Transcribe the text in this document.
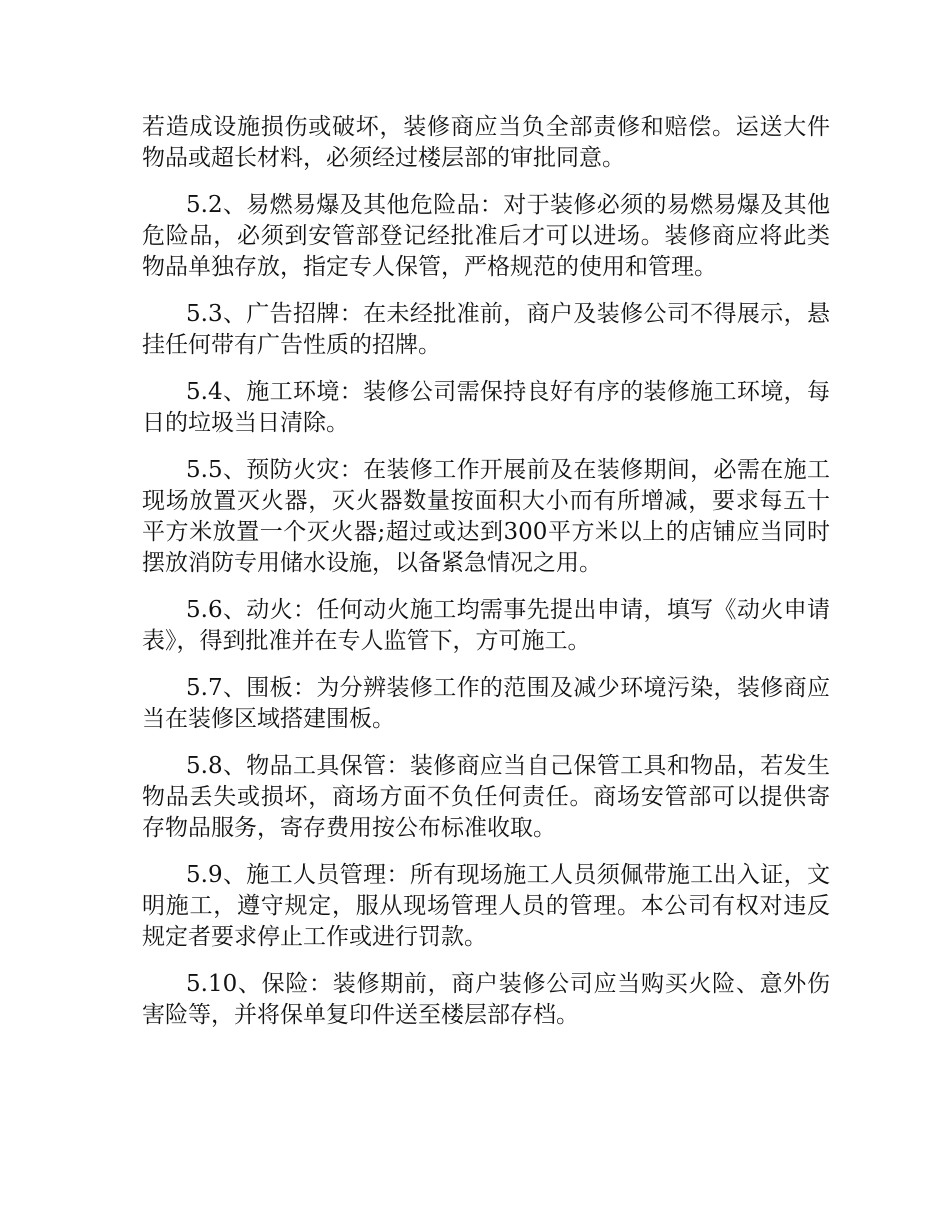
若造成设施损伤或破坏，装修商应当负全部责修和赔偿。运送大件物品或超长材料，必须经过楼层部的审批同意。

5.2、易燃易爆及其他危险品：对于装修必须的易燃易爆及其他危险品，必须到安管部登记经批准后才可以进场。装修商应将此类物品单独存放，指定专人保管，严格规范的使用和管理。

5.3、广告招牌：在未经批准前，商户及装修公司不得展示，悬挂任何带有广告性质的招牌。

5.4、施工环境：装修公司需保持良好有序的装修施工环境，每日的垃圾当日清除。

5.5、预防火灾：在装修工作开展前及在装修期间，必需在施工现场放置灭火器，灭火器数量按面积大小而有所增减，要求每五十平方米放置一个灭火器;超过或达到300平方米以上的店铺应当同时摆放消防专用储水设施，以备紧急情况之用。

5.6、动火：任何动火施工均需事先提出申请，填写《动火申请表》，得到批准并在专人监管下，方可施工。

5.7、围板：为分辨装修工作的范围及减少环境污染，装修商应当在装修区域搭建围板。

5.8、物品工具保管：装修商应当自己保管工具和物品，若发生物品丢失或损坏，商场方面不负任何责任。商场安管部可以提供寄存物品服务，寄存费用按公布标准收取。

5.9、施工人员管理：所有现场施工人员须佩带施工出入证，文明施工，遵守规定，服从现场管理人员的管理。本公司有权对违反规定者要求停止工作或进行罚款。

5.10、保险：装修期前，商户装修公司应当购买火险、意外伤害险等，并将保单复印件送至楼层部存档。
